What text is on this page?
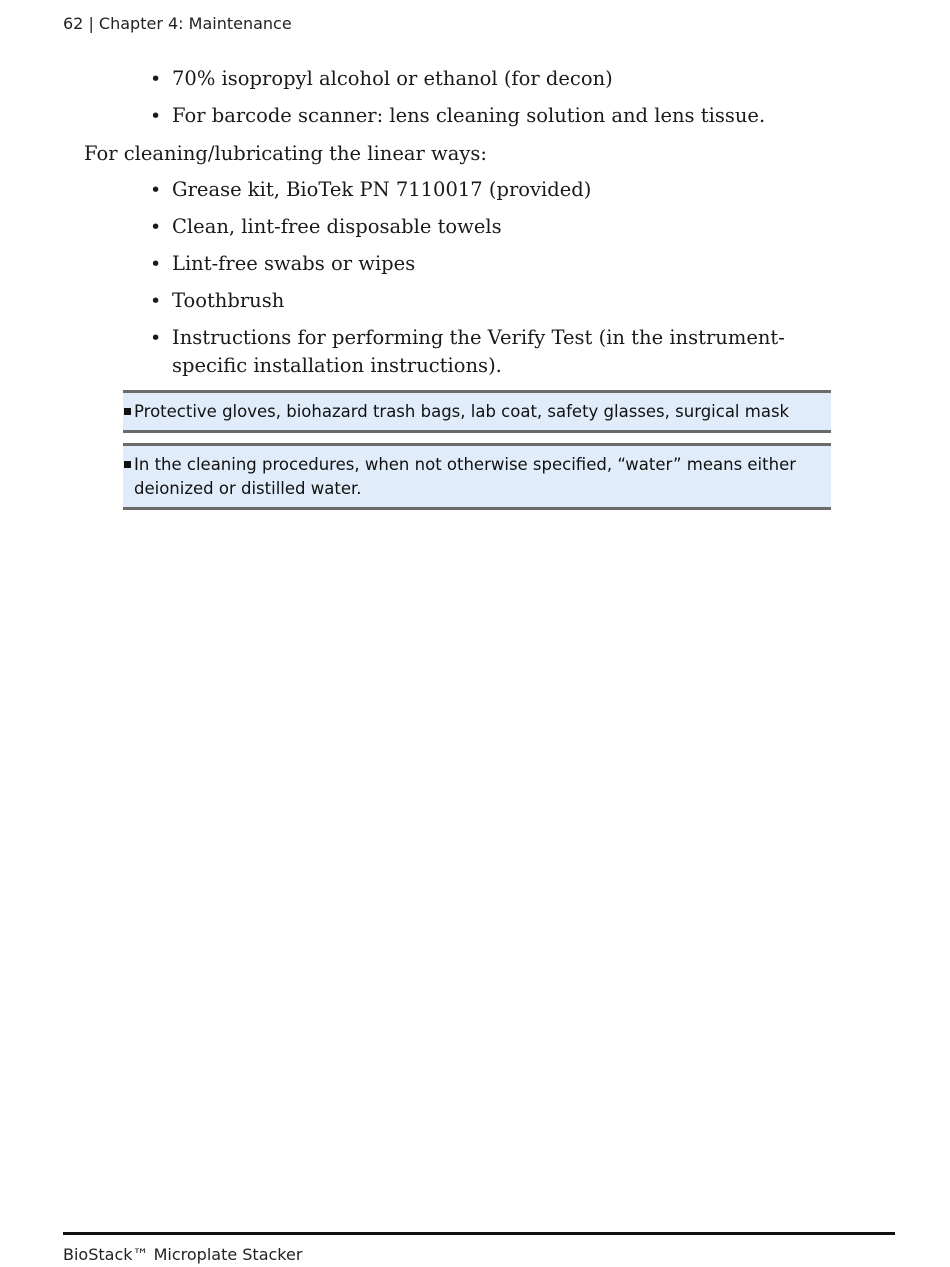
62 | Chapter 4: Maintenance
• 70% isopropyl alcohol or ethanol (for decon)
• For barcode scanner: lens cleaning solution and lens tissue.
For cleaning/lubricating the linear ways:
• Grease kit, BioTek PN 7110017 (provided)
• Clean, lint-free disposable towels
• Lint-free swabs or wipes
• Toothbrush
• Instructions for performing the Verify Test (in the instrument-specific installation instructions).
Protective gloves, biohazard trash bags, lab coat, safety glasses, surgical mask
In the cleaning procedures, when not otherwise specified, “water” means either deionized or distilled water.
BioStack™ Microplate Stacker
